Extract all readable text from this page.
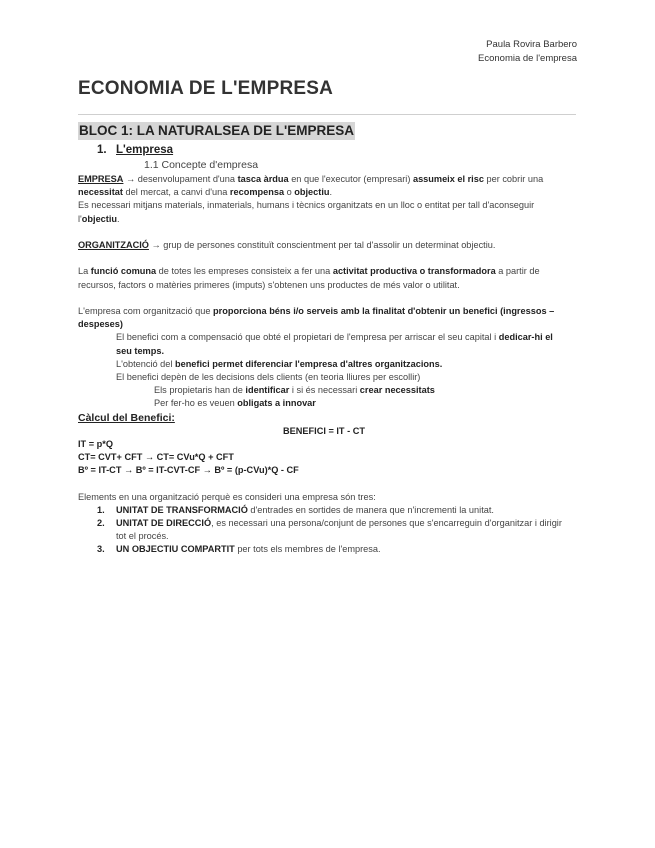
Paula Rovira Barbero
Economia de l'empresa
ECONOMIA DE L'EMPRESA
BLOC 1: LA NATURALSEA DE L'EMPRESA

1. L'empresa

1.1 Concepte d'empresa

EMPRESA → desenvolupament d'una tasca àrdua en que l'executor (empresari) assumeix el risc per cobrir una necessitat del mercat, a canvi d'una recompensa o objectiu.

Es necessari mitjans materials, inmaterials, humans i tècnics organitzats en un lloc o entitat per tall d'aconseguir l'objectiu.

ORGANITZACIÓ → grup de persones constituït conscientment per tal d'assolir un determinat objectiu.

La funció comuna de totes les empreses consisteix a fer una activitat productiva o transformadora a partir de recursos, factors o matèries primeres (imputs) s'obtenen uns productes de més valor o utilitat.

L'empresa com organització que proporciona béns i/o serveis amb la finalitat d'obtenir un benefici (ingressos – despeses)

El benefici com a compensació que obté el propietari de l'empresa per arriscar el seu capital i dedicar-hi el seu temps.

L'obtenció del benefici permet diferenciar l'empresa d'altres organitzacions.

El benefici depèn de les decisions dels clients (en teoria lliures per escollir)

Els propietaris han de identificar i si és necessari crear necessitats

Per fer-ho es veuen obligats a innovar

Càlcul del Benefici:

BENEFICI = IT - CT

IT = p*Q

CT= CVT+ CFT → CT= CVu*Q + CFT

Bº = IT-CT → Bº = IT-CVT-CF → Bº = (p-CVu)*Q - CF

Elements en una organització perquè es consideri una empresa són tres:

1.	UNITAT DE TRANSFORMACIÓ d'entrades en sortides de manera que n'incrementi la unitat.
2.	UNITAT DE DIRECCIÓ, es necessari una persona/conjunt de persones que s'encarreguin d'organitzar i dirigir tot el procés.
3.	UN OBJECTIU COMPARTIT per tots els membres de l'empresa.
